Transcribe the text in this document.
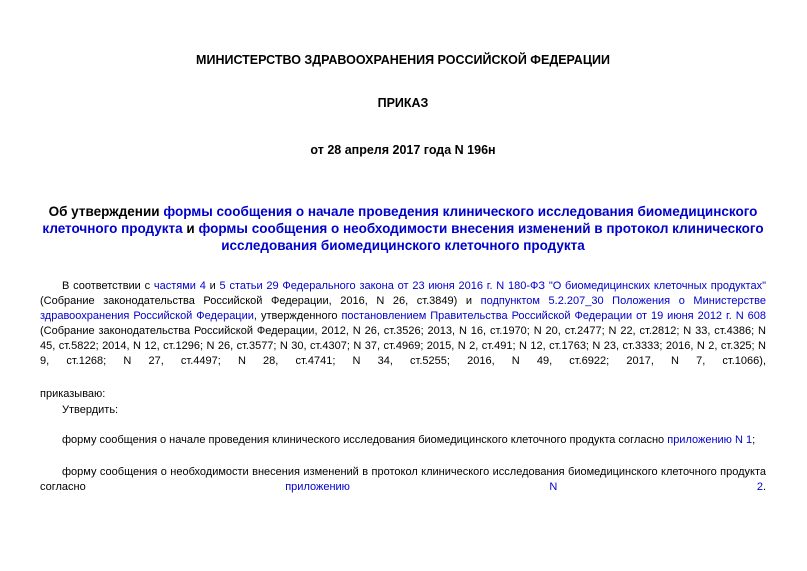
МИНИСТЕРСТВО ЗДРАВООХРАНЕНИЯ РОССИЙСКОЙ ФЕДЕРАЦИИ
ПРИКАЗ
от 28 апреля 2017 года N 196н
Об утверждении формы сообщения о начале проведения клинического исследования биомедицинского клеточного продукта и формы сообщения о необходимости внесения изменений в протокол клинического исследования биомедицинского клеточного продукта
В соответствии с частями 4 и 5 статьи 29 Федерального закона от 23 июня 2016 г. N 180-ФЗ "О биомедицинских клеточных продуктах" (Собрание законодательства Российской Федерации, 2016, N 26, ст.3849) и подпунктом 5.2.207_30 Положения о Министерстве здравоохранения Российской Федерации, утвержденного постановлением Правительства Российской Федерации от 19 июня 2012 г. N 608 (Собрание законодательства Российской Федерации, 2012, N 26, ст.3526; 2013, N 16, ст.1970; N 20, ст.2477; N 22, ст.2812; N 33, ст.4386; N 45, ст.5822; 2014, N 12, ст.1296; N 26, ст.3577; N 30, ст.4307; N 37, ст.4969; 2015, N 2, ст.491; N 12, ст.1763; N 23, ст.3333; 2016, N 2, ст.325; N 9, ст.1268; N 27, ст.4497; N 28, ст.4741; N 34, ст.5255; 2016, N 49, ст.6922; 2017, N 7, ст.1066),
приказываю:
Утвердить:
форму сообщения о начале проведения клинического исследования биомедицинского клеточного продукта согласно приложению N 1;
форму сообщения о необходимости внесения изменений в протокол клинического исследования биомедицинского клеточного продукта согласно приложению N 2.
